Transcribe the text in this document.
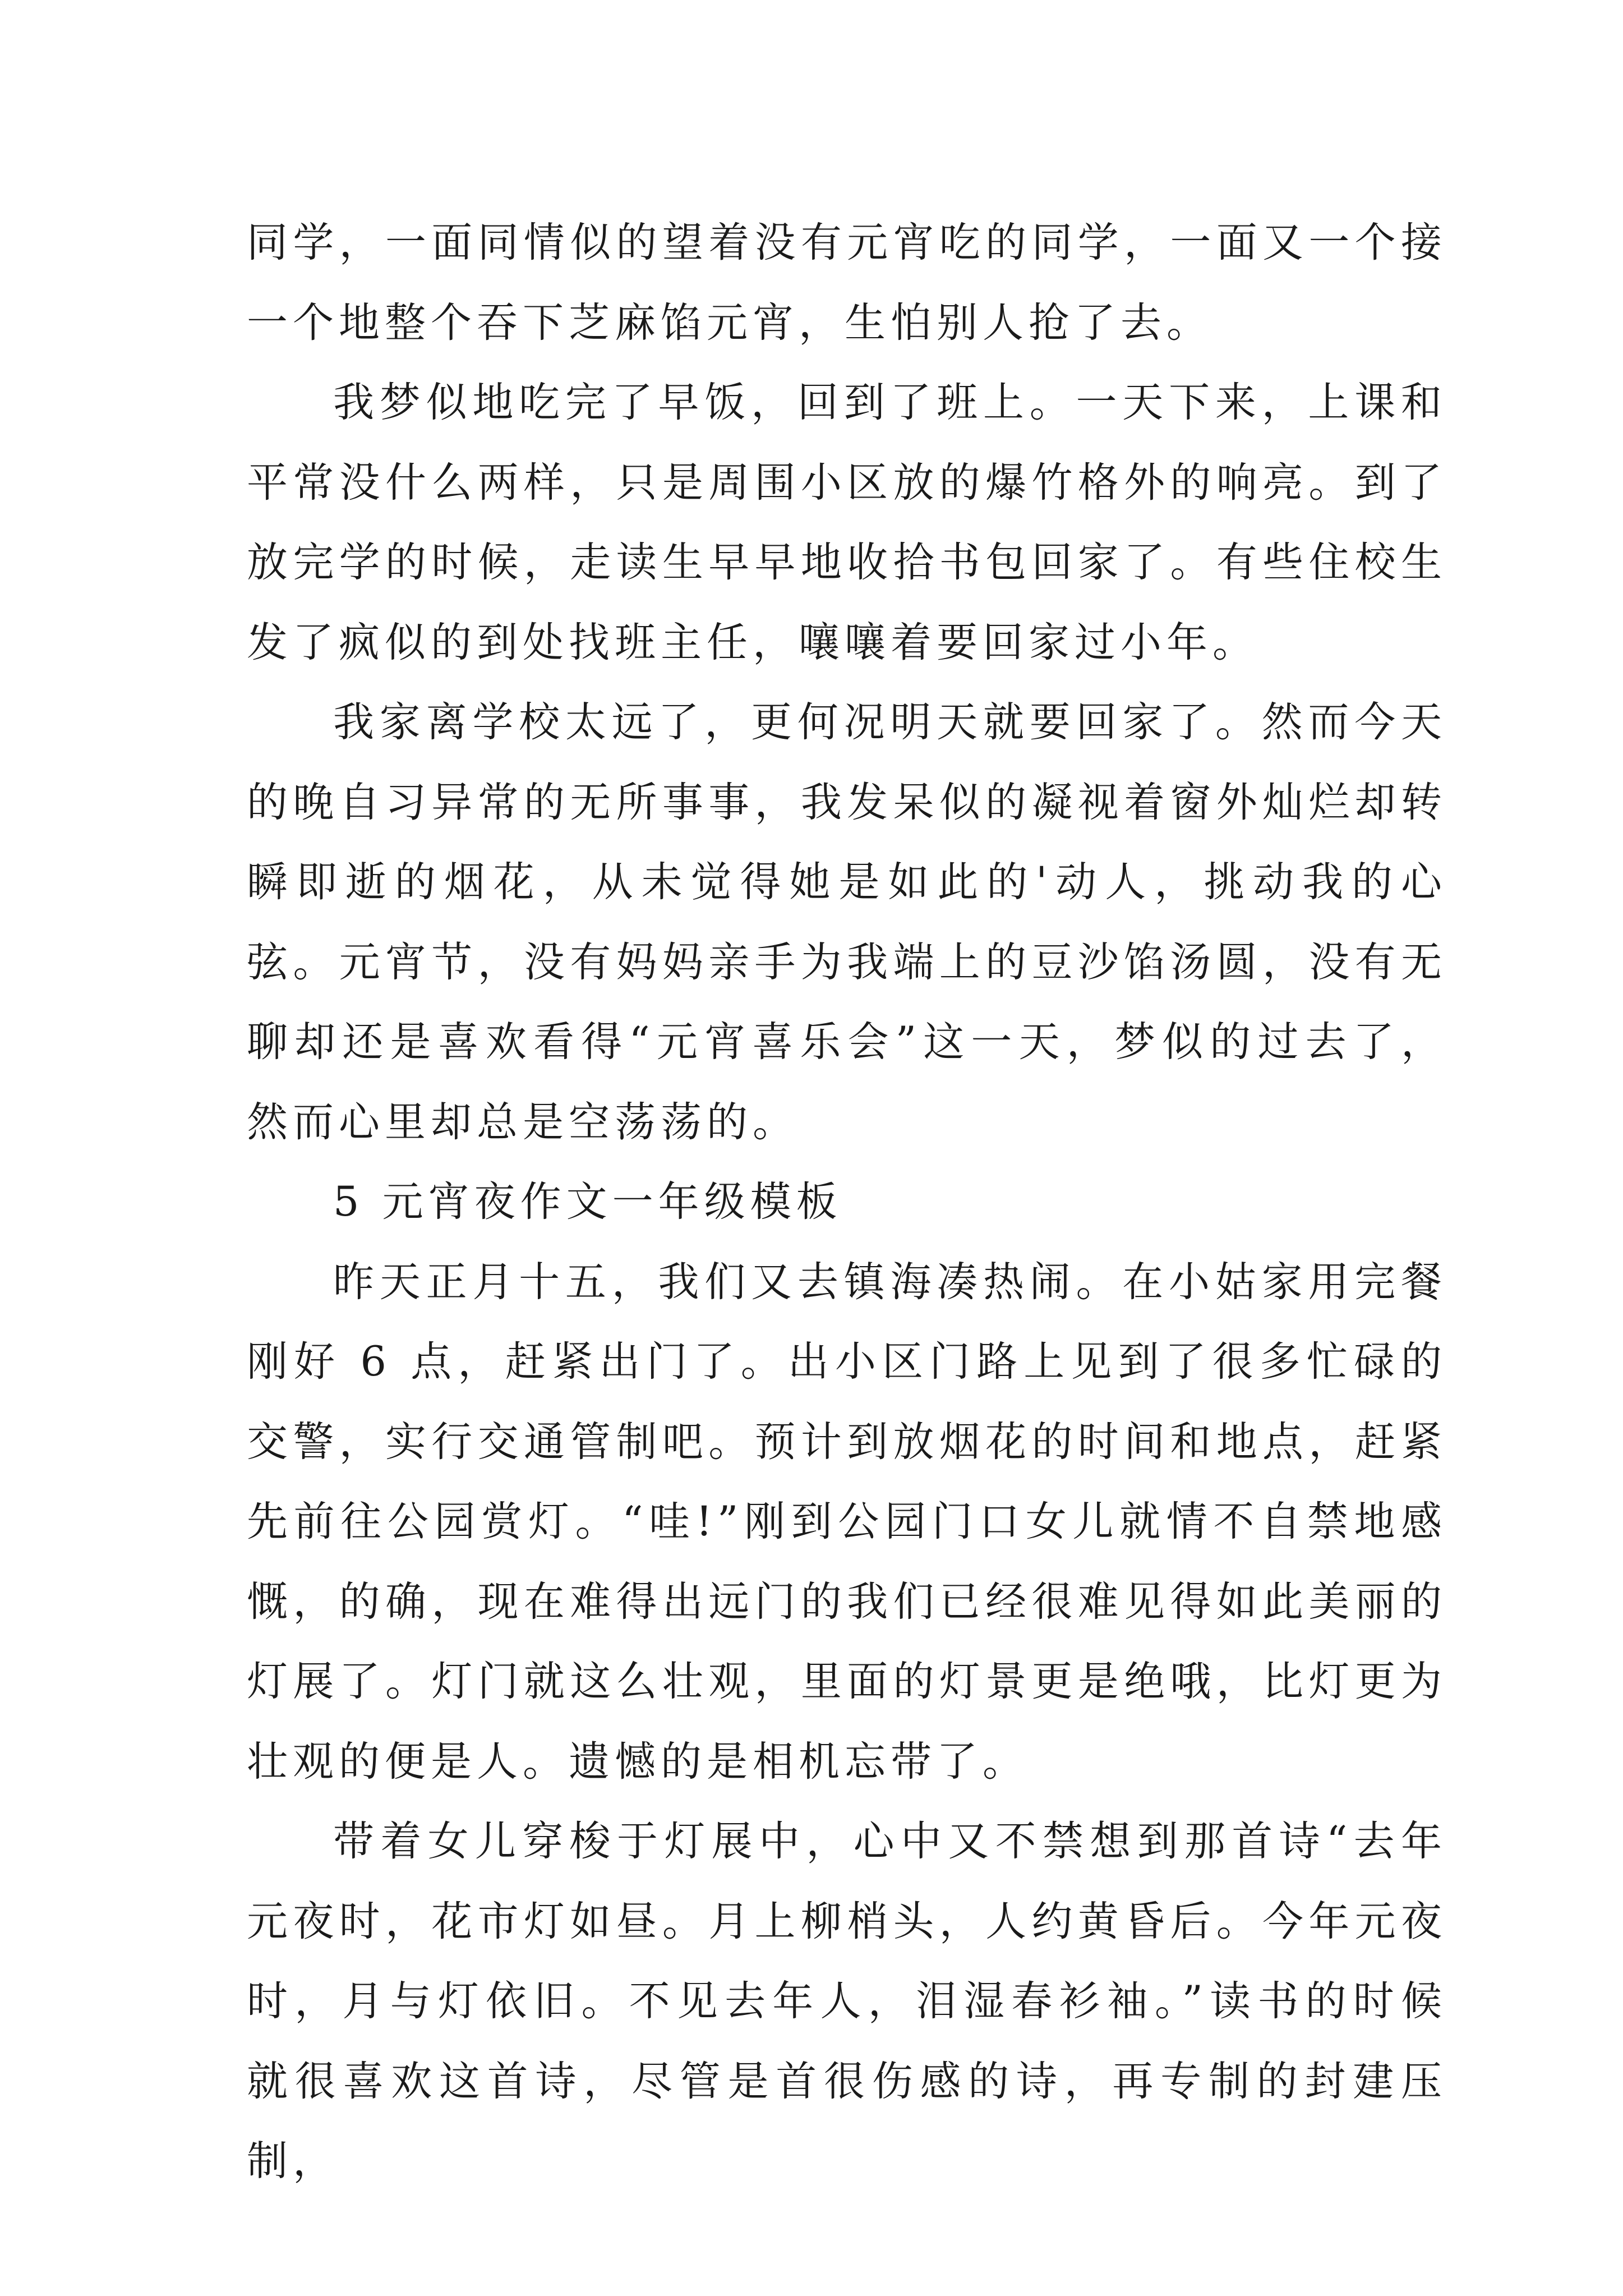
同学，一面同情似的望着没有元宵吃的同学，一面又一个接一个地整个吞下芝麻馅元宵，生怕别人抢了去。

我梦似地吃完了早饭，回到了班上。一天下来，上课和平常没什么两样，只是周围小区放的爆竹格外的响亮。到了放完学的时候，走读生早早地收拾书包回家了。有些住校生发了疯似的到处找班主任，嚷嚷着要回家过小年。

我家离学校太远了，更何况明天就要回家了。然而今天的晚自习异常的无所事事，我发呆似的凝视着窗外灿烂却转瞬即逝的烟花，从未觉得她是如此的'动人，挑动我的心弦。元宵节，没有妈妈亲手为我端上的豆沙馅汤圆，没有无聊却还是喜欢看得“元宵喜乐会”这一天，梦似的过去了，然而心里却总是空荡荡的。

5 元宵夜作文一年级模板

昨天正月十五，我们又去镇海凑热闹。在小姑家用完餐刚好 6 点，赶紧出门了。出小区门路上见到了很多忙碌的交警，实行交通管制吧。预计到放烟花的时间和地点，赶紧先前往公园赏灯。“哇!”刚到公园门口女儿就情不自禁地感慨，的确，现在难得出远门的我们已经很难见得如此美丽的灯展了。灯门就这么壮观，里面的灯景更是绝哦，比灯更为壮观的便是人。遗憾的是相机忘带了。

带着女儿穿梭于灯展中，心中又不禁想到那首诗“去年元夜时，花市灯如昼。月上柳梢头，人约黄昏后。今年元夜时，月与灯依旧。不见去年人，泪湿春衫袖。”读书的时候就很喜欢这首诗，尽管是首很伤感的诗，再专制的封建压制，
